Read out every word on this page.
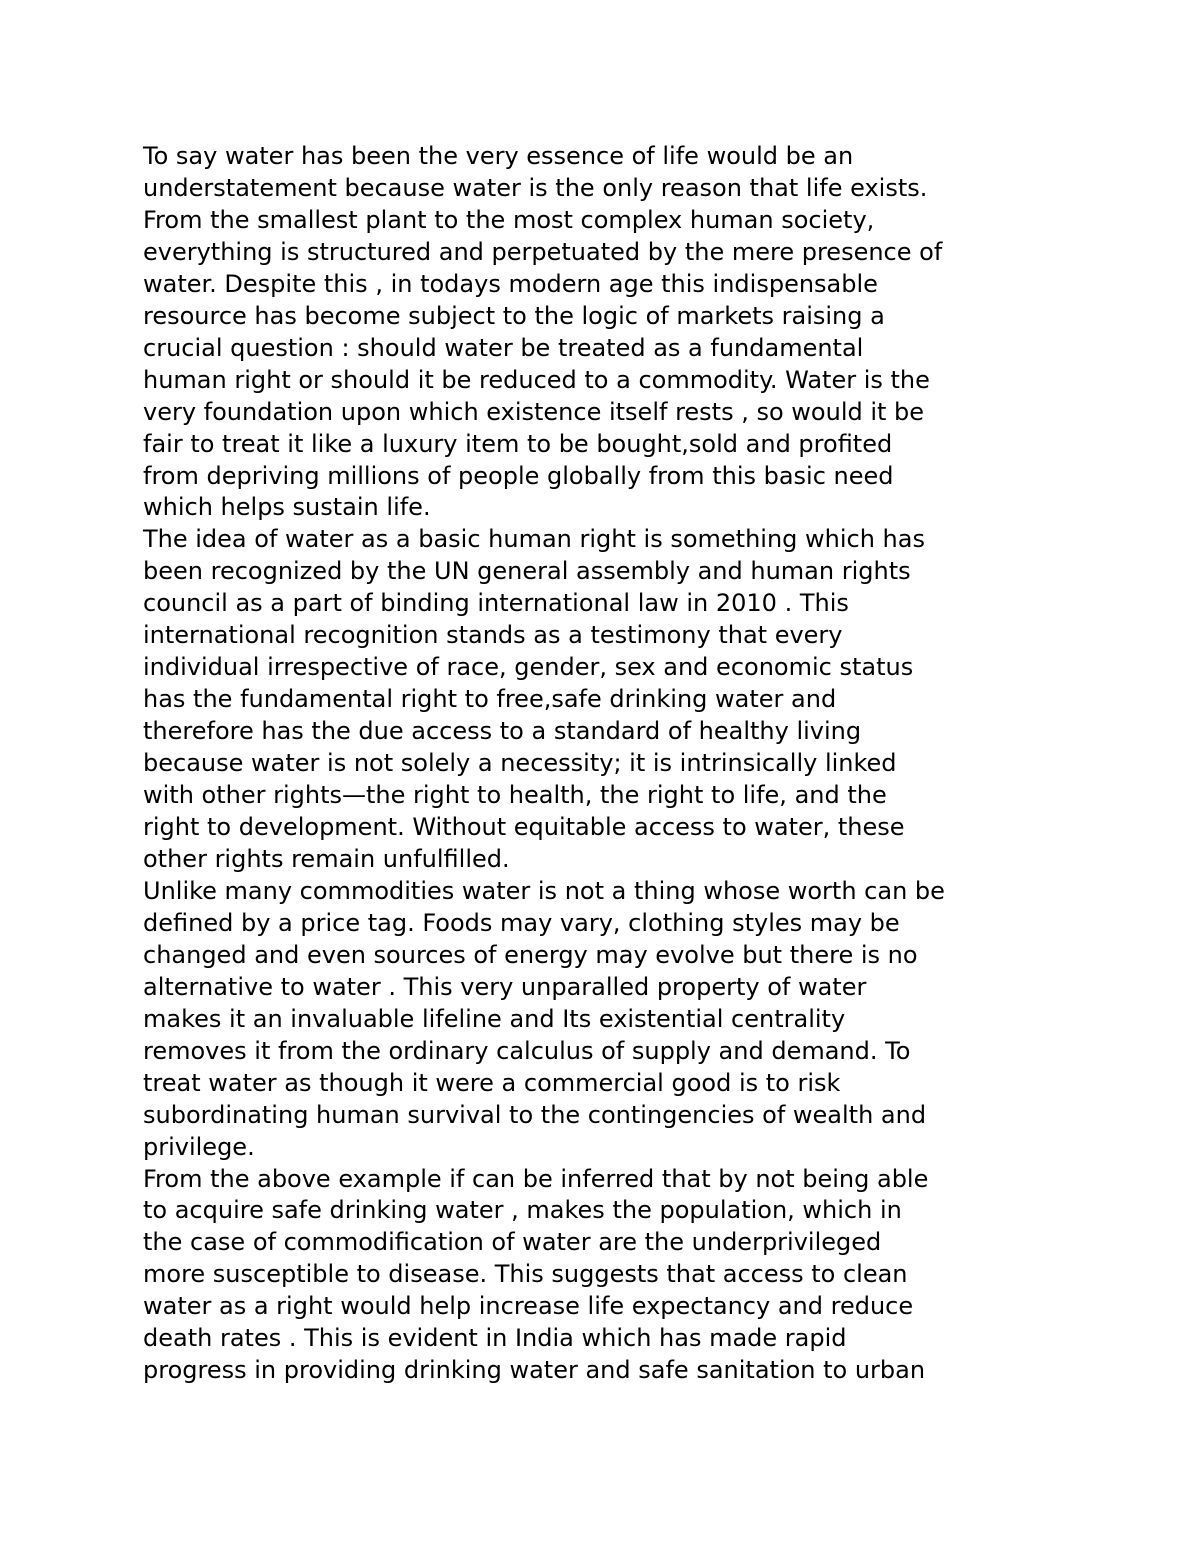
To say water has been the very essence of life would be an
understatement because water is the only reason that life exists.
From the smallest plant to the most complex human society,
everything is structured and perpetuated by the mere presence of
water. Despite this , in todays modern age this indispensable
resource has become subject to the logic of markets raising a
crucial question : should water be treated as a fundamental
human right or should it be reduced to a commodity. Water is the
very foundation upon which existence itself rests , so would it be
fair to treat it like a luxury item to be bought,sold and profited
from depriving millions of people globally from this basic need
which helps sustain life.
The idea of water as a basic human right is something which has
been recognized by the UN general assembly and human rights
council as a part of binding international law in 2010 . This
international recognition stands as a testimony that every
individual irrespective of race, gender, sex and economic status
has the fundamental right to free,safe drinking water and
therefore has the due access to a standard of healthy living
because water is not solely a necessity; it is intrinsically linked
with other rights—the right to health, the right to life, and the
right to development. Without equitable access to water, these
other rights remain unfulfilled.
Unlike many commodities water is not a thing whose worth can be
defined by a price tag. Foods may vary, clothing styles may be
changed and even sources of energy may evolve but there is no
alternative to water . This very unparalled property of water
makes it an invaluable lifeline and Its existential centrality
removes it from the ordinary calculus of supply and demand. To
treat water as though it were a commercial good is to risk
subordinating human survival to the contingencies of wealth and
privilege.
From the above example if can be inferred that by not being able
to acquire safe drinking water , makes the population, which in
the case of commodification of water are the underprivileged
more susceptible to disease. This suggests that access to clean
water as a right would help increase life expectancy and reduce
death rates . This is evident in India which has made rapid
progress in providing drinking water and safe sanitation to urban
